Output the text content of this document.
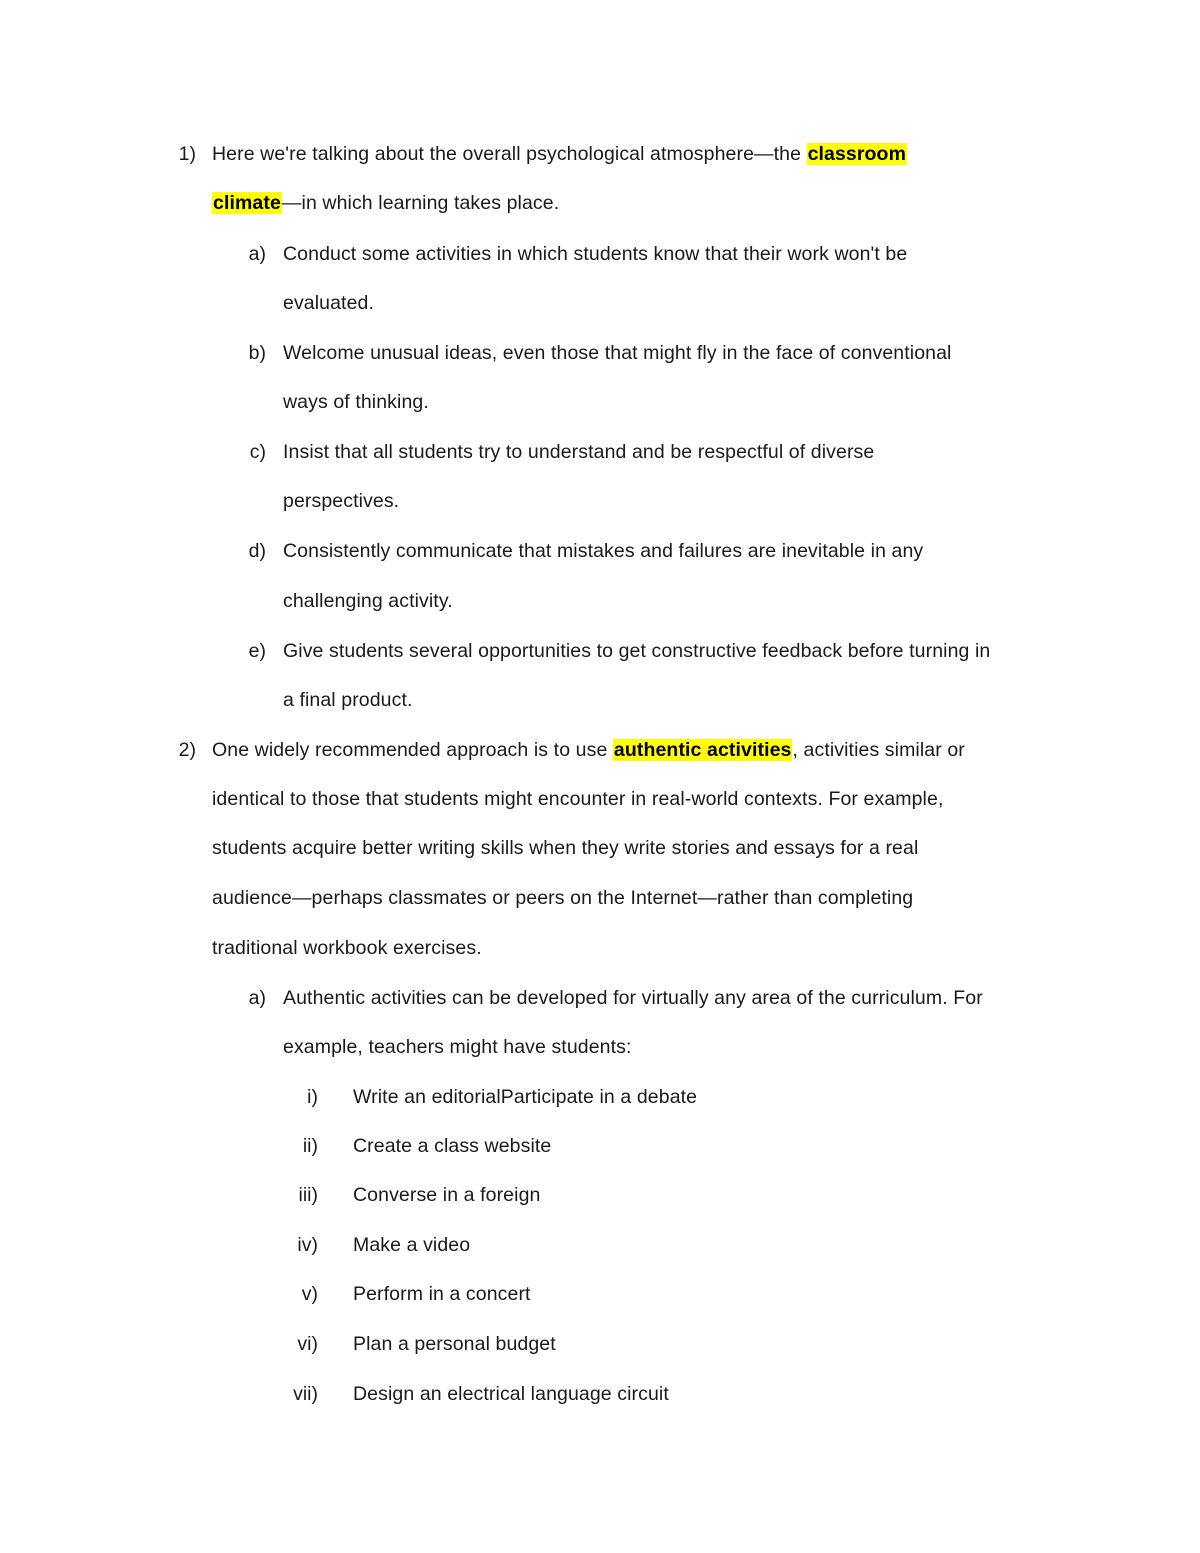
1) Here we're talking about the overall psychological atmosphere—the classroom
climate—in which learning takes place.
a) Conduct some activities in which students know that their work won't be
evaluated.
b) Welcome unusual ideas, even those that might fly in the face of conventional
ways of thinking.
c) Insist that all students try to understand and be respectful of diverse
perspectives.
d) Consistently communicate that mistakes and failures are inevitable in any
challenging activity.
e) Give students several opportunities to get constructive feedback before turning in
a final product.
2) One widely recommended approach is to use authentic activities, activities similar or
identical to those that students might encounter in real-world contexts. For example,
students acquire better writing skills when they write stories and essays for a real
audience—perhaps classmates or peers on the Internet—rather than completing
traditional workbook exercises.
a) Authentic activities can be developed for virtually any area of the curriculum. For
example, teachers might have students:
i) Write an editorialParticipate in a debate
ii) Create a class website
iii) Converse in a foreign
iv) Make a video
v) Perform in a concert
vi) Plan a personal budget
vii) Design an electrical language circuit
